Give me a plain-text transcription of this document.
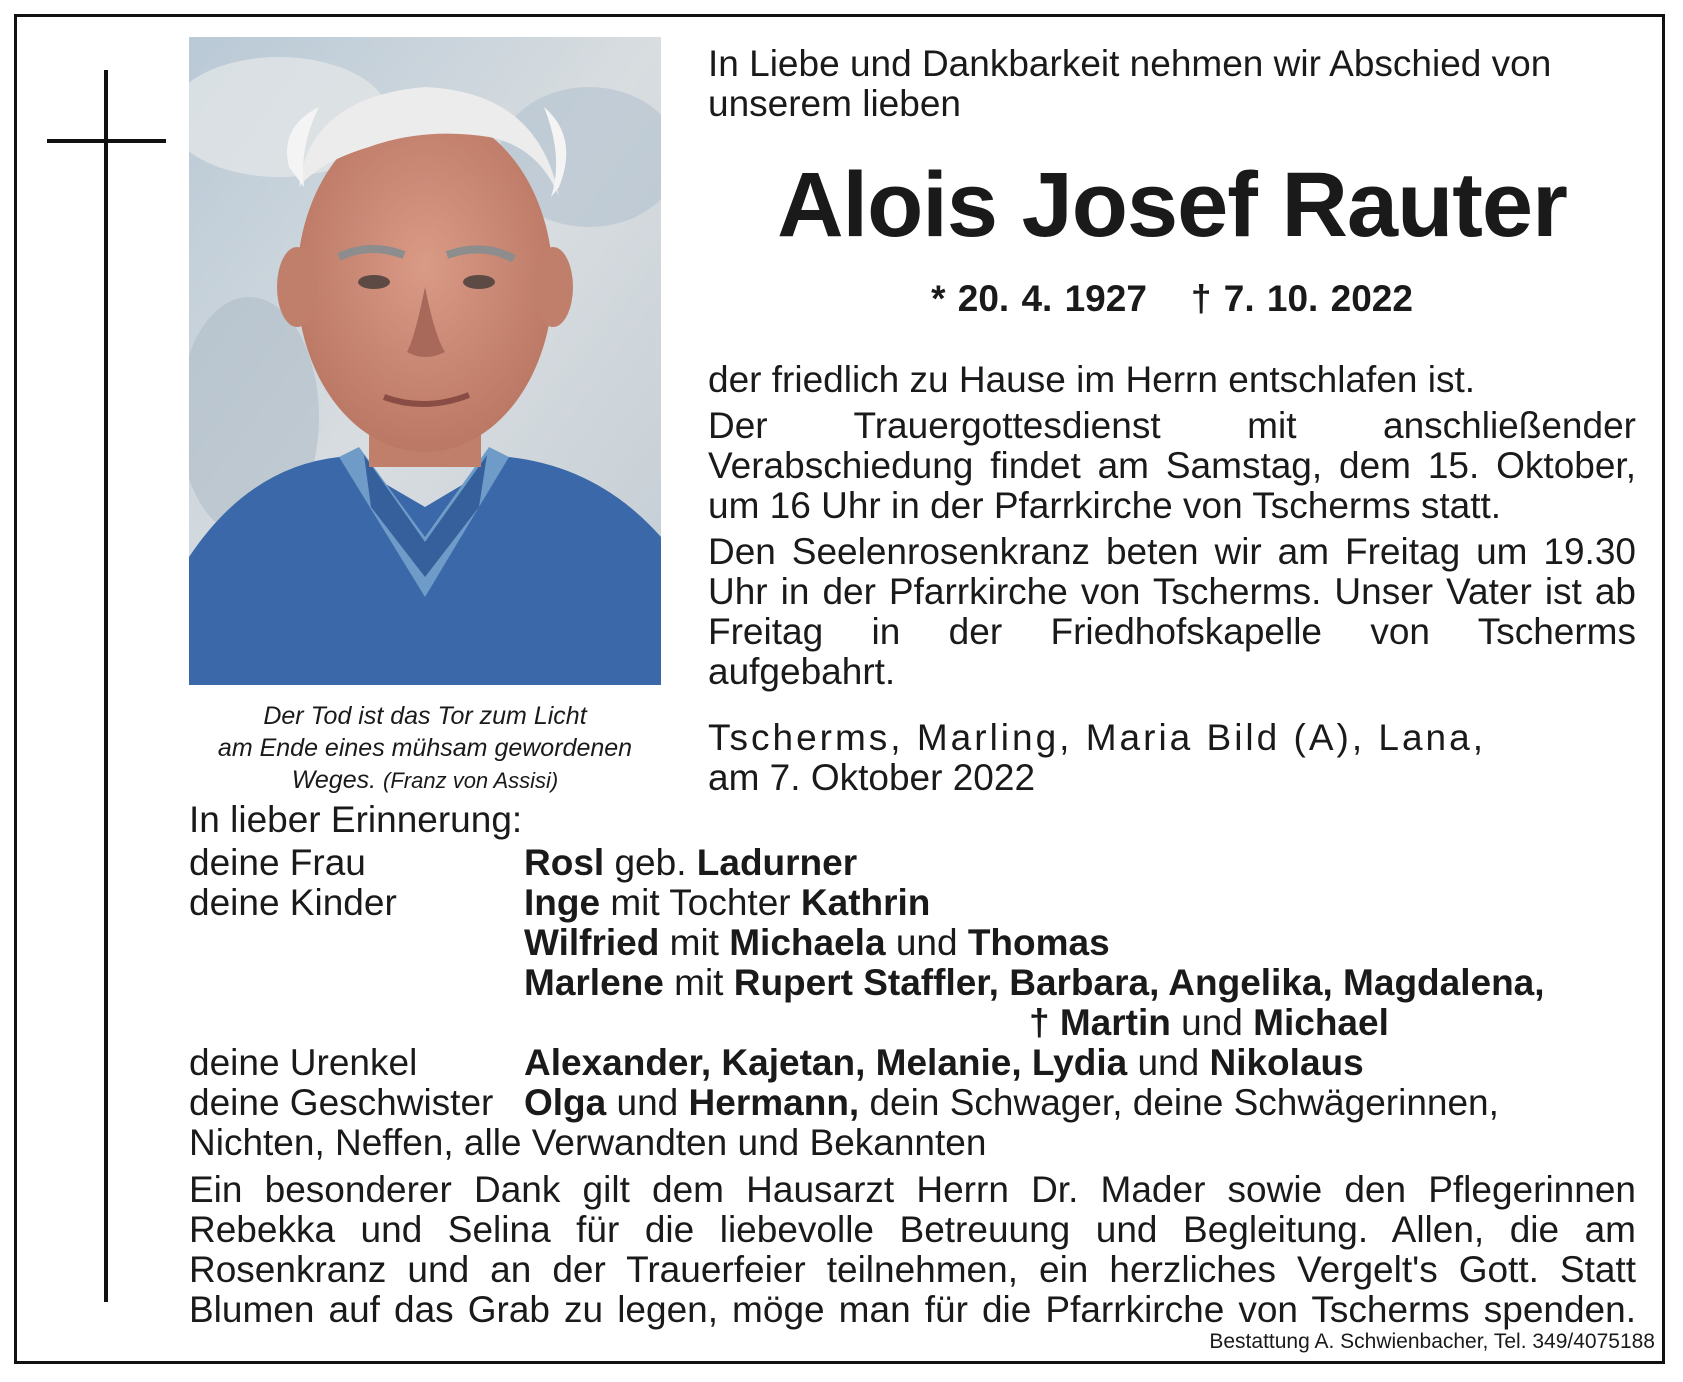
Der Tod ist das Tor zum Licht
am Ende eines mühsam gewordenen
Weges. (Franz von Assisi)
In Liebe und Dankbarkeit nehmen wir Abschied von unserem lieben
Alois Josef Rauter
* 20. 4. 1927 † 7. 10. 2022

der friedlich zu Hause im Herrn entschlafen ist.

Der Trauergottesdienst mit anschließender Verabschiedung findet am Samstag, dem 15. Oktober, um 16 Uhr in der Pfarrkirche von Tscherms statt.

Den Seelenrosenkranz beten wir am Freitag um 19.30 Uhr in der Pfarrkirche von Tscherms. Unser Vater ist ab Freitag in der Friedhofskapelle von Tscherms aufgebahrt.

Tscherms, Marling, Maria Bild (A), Lana,
am 7. Oktober 2022
In lieber Erinnerung:
deine Frau	Rosl geb. Ladurner
deine Kinder	Inge mit Tochter Kathrin
Wilfried mit Michaela und Thomas
Marlene mit Rupert Staffler, Barbara, Angelika, Magdalena,
† Martin und Michael
deine Urenkel	Alexander, Kajetan, Melanie, Lydia und Nikolaus
deine Geschwister Olga und Hermann, dein Schwager, deine Schwägerinnen,
Nichten, Neffen, alle Verwandten und Bekannten
Ein besonderer Dank gilt dem Hausarzt Herrn Dr. Mader sowie den Pflegerinnen
Rebekka und Selina für die liebevolle Betreuung und Begleitung. Allen, die am
Rosenkranz und an der Trauerfeier teilnehmen, ein herzliches Vergelt's Gott. Statt
Blumen auf das Grab zu legen, möge man für die Pfarrkirche von Tscherms spenden.
Bestattung A. Schwienbacher, Tel. 349/4075188
